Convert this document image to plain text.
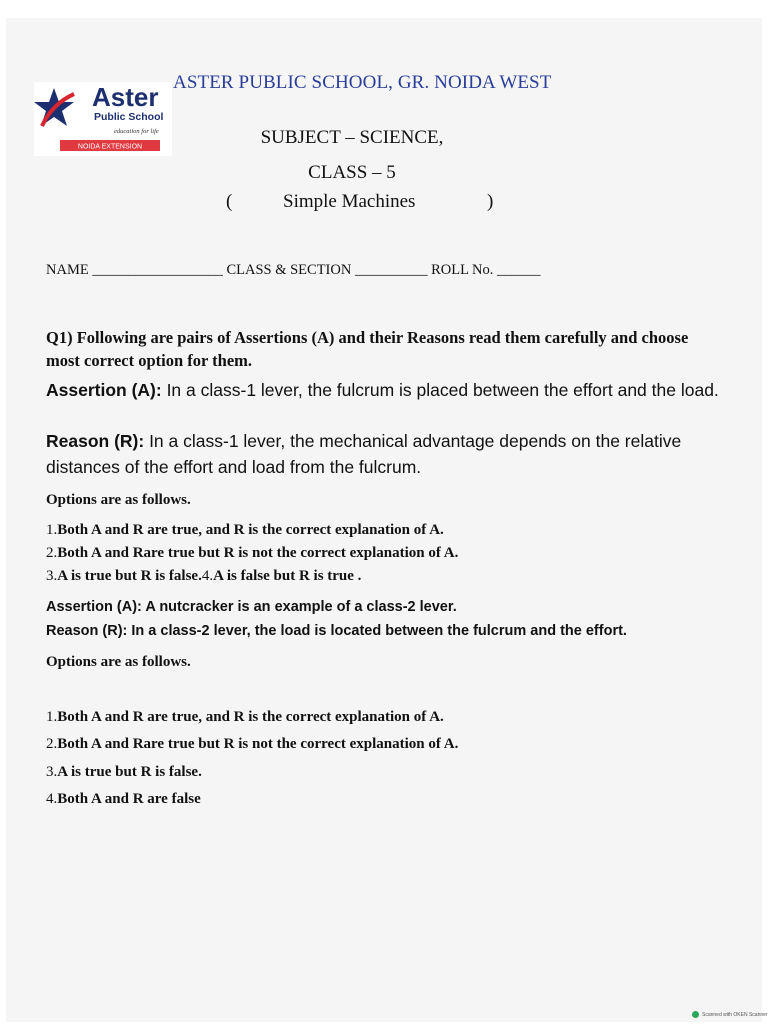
Aster
Public School
education for life
NOIDA EXTENSION
ASTER PUBLIC SCHOOL, GR. NOIDA WEST
SUBJECT – SCIENCE,
CLASS – 5
(	Simple Machines	)
NAME __________________ CLASS & SECTION __________ ROLL No. ______
Q1) Following are pairs of Assertions (A) and their Reasons read them carefully and choose most correct option for them.
Assertion (A): In a class-1 lever, the fulcrum is placed between the effort and the load.
Reason (R): In a class-1 lever, the mechanical advantage depends on the relative distances of the effort and load from the fulcrum.
Options are as follows.
1.Both A and R are true, and R is the correct explanation of A.
2.Both A and Rare true but R is not the correct explanation of A.
3.A is true but R is false.4.A is false but R is true .
Assertion (A): A nutcracker is an example of a class-2 lever.
Reason (R): In a class-2 lever, the load is located between the fulcrum and the effort.
Options are as follows.
1.Both A and R are true, and R is the correct explanation of A.
2.Both A and Rare true but R is not the correct explanation of A.
3.A is true but R is false.
4.Both A and R are false
Scanned with OKEN Scanner
